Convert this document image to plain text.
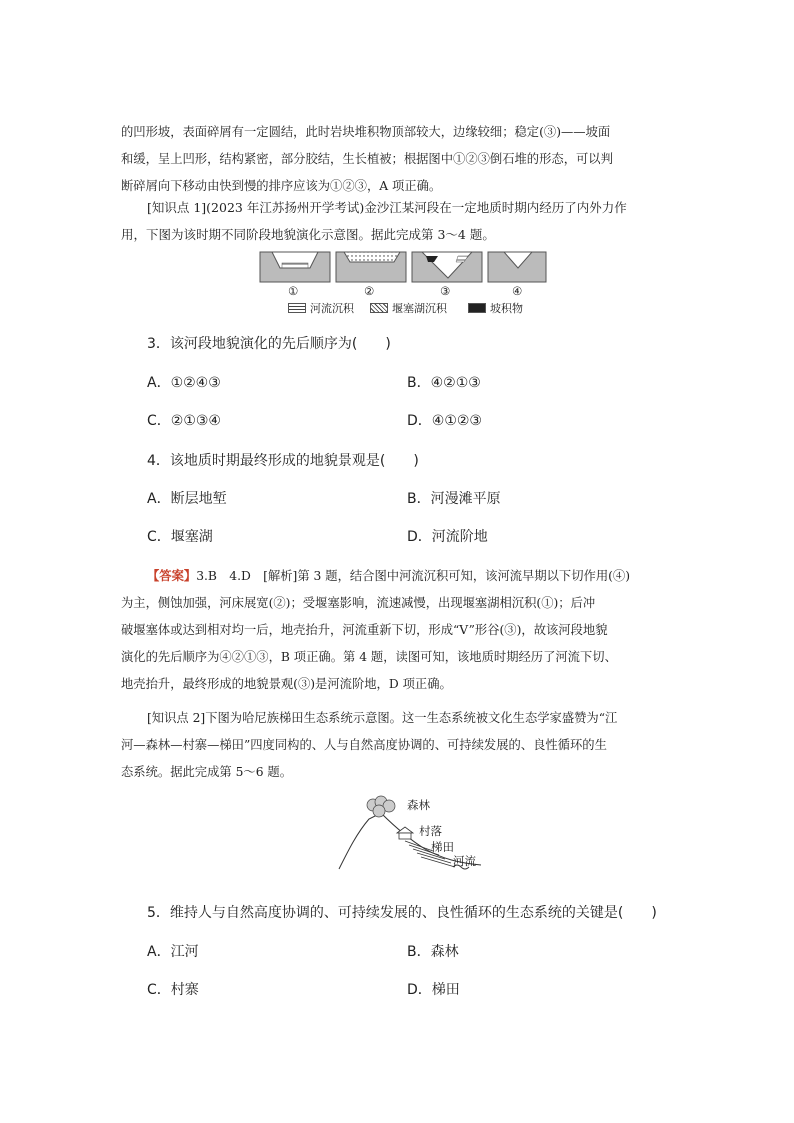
的凹形坡，表面碎屑有一定圆结，此时岩块堆积物顶部较大，边缘较细；稳定(③)——坡面
和缓，呈上凹形，结构紧密，部分胶结，生长植被；根据图中①②③倒石堆的形态，可以判
断碎屑向下移动由快到慢的排序应该为①②③，A 项正确。
[知识点 1](2023 年江苏扬州开学考试)金沙江某河段在一定地质时期内经历了内外力作
用，下图为该时期不同阶段地貌演化示意图。据此完成第 3～4 题。
①	②	③	④
河流沉积	堰塞湖沉积	坡积物
3．该河段地貌演化的先后顺序为(　　)
A．①②④③	B．④②①③
C．②①③④	D．④①②③
4．该地质时期最终形成的地貌景观是(　　)
A．断层地堑	B．河漫滩平原
C．堰塞湖	D．河流阶地
【答案】3.B　4.D　[解析]第 3 题，结合图中河流沉积可知，该河流早期以下切作用(④)
为主，侧蚀加强，河床展宽(②)；受堰塞影响，流速减慢，出现堰塞湖相沉积(①)；后冲
破堰塞体或达到相对均一后，地壳抬升，河流重新下切，形成“V”形谷(③)，故该河段地貌
演化的先后顺序为④②①③，B 项正确。第 4 题，读图可知，该地质时期经历了河流下切、
地壳抬升，最终形成的地貌景观(③)是河流阶地，D 项正确。
[知识点 2]下图为哈尼族梯田生态系统示意图。这一生态系统被文化生态学家盛赞为“江
河—森林—村寨—梯田”四度同构的、人与自然高度协调的、可持续发展的、良性循环的生
态系统。据此完成第 5～6 题。
森林
村落
梯田
河流
5．维持人与自然高度协调的、可持续发展的、良性循环的生态系统的关键是(　　)
A．江河	B．森林
C．村寨	D．梯田
